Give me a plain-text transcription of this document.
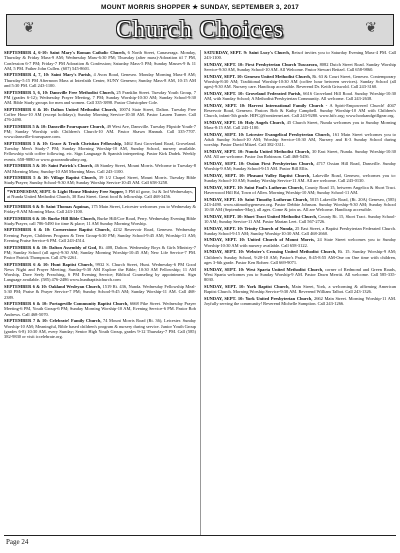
MOUNT MORRIS SHOPPER ★ SUNDAY, SEPTEMBER 3, 2017
❦	Church Choices	❦

SEPTEMBER 4, 6-10: Saint Mary's Roman Catholic Church, 6 North Street, Canaseraga. Monday, Thursday & Friday Mass-9 AM; Wednesday Mass-6:30 PM; Thursday (after mass)-Adoration til 7 PM, Confession 6-7 PM; Friday-7 PM Adoration & Confession; Saturday Mass-5 PM; Sunday Masses-9 & 11 AM, 5 PM. Father John Cullen. (607) 545-8601.

SEPTEMBER 4, 7, 10: Saint Mary's Parish, 4 Avon Road, Geneseo. Monday Morning Mass-8 AM; Thursday-5:15 PM Afternoon Mass at Interfaith Center, SUNY Geneseo; Sunday Mass-8 AM, 10:15 AM and 5:30 PM. Call 243-1100.

SEPTEMBER 5, 6, 10: Dansville Free Methodist Church, 25 Franklin Street. Tuesday Youth Group, 7 PM (grades 6-12); Wednesday Prayer Meeting, 7 PM; Sunday Worship-10:30 AM; Sunday School-9:30 AM. Bible Study groups for men and women. Call 335-3898. Pastor Christopher Cole.

SEPTEMBER 6 & 10: Dalton United Methodist Church, 10074 State Street, Dalton. Tuesday Free Coffee Hour-10 AM (except holidays); Sunday Morning Service-10:30 AM. Pastor Lauren Turner. Call 476-2490.

SEPTEMBER 5 & 10: Dansville Foursquare Church, 49 West Ave, Dansville. Tuesday Flipside Youth-7 PM; Sunday Worship with Children's Church-10 AM. Pastor Shawn Hannah. Call 335-7707. www.dansville-foursquare.com.

SEPTEMBER 5 & 10: Grace & Truth Christian Fellowship, 3462 East Groveland Road, Groveland. Tuesday Men's Study-7 PM; Sunday Morning Worship-10 AM, Sunday School, nursery available. Fellowship with coffee following, etc. Sign Language & Spanish interpreting. Pastor Kirk Dadek. Weekly events. 658-9880 or www.graceandtruthny.org.

SEPTEMBER 5 & 10: Saint Patrick's Church, 46 Stanley Street, Mount Morris. Welcome to Tuesday-8 AM Morning Mass; Sunday-10 AM Morning Mass. Call 243-1100.

SEPTEMBER 5 & 10: Village Baptist Church, 39 1/2 Chapel Street, Mount Morris. Tuesday Bible Study/Prayer; Sunday School-9:30 AM; Sunday Worship Service-10:45 AM. Call 658-3258.

*WEDNESDAY, SEPT. 6: Light House Ministry Free Supper, 5 PM til gone, 1st & 3rd Wednesdays, at Nunda United Methodist Church, 30 East Street. Great food & fellowship. Call 468-3456.

SEPTEMBER 6 & 8: Saint Thomas Aquinas, 175 Main Street, Leicester welcomes you to Wednesday & Friday-8 AM Morning Mass. Call 243-1100.

SEPTEMBER 6 & 10: Burke Hill Bible Church, Burke Hill/Coe Road, Perry. Wednesday Evening Bible Study/Prayer, call 786-5490 for time & place; 11 AM Sunday Morning Worship.

SEPTEMBER 6 & 10: Cornerstone Baptist Church, 4232 Reservoir Road, Geneseo. Wednesday Evening Prayer, Childrens Program & Teen Group-6:30 PM; Sunday School-9:45 AM; Worship-11 AM; Evening Praise Service-6 PM. Call 243-4514.

SEPTEMBER 6 & 10: Dalton Assembly of God, Rt. 408, Dalton. Wednesday Boys & Girls Ministry-7 PM; Sunday School (all ages)-9:30 AM; Sunday Morning Worship-10:45 AM; New Life Service-7 PM. Pastor Patrick Thompson. Call 476-2261.

SEPTEMBER 6 & 10: Hunt Baptist Church, 9932 S. Church Street, Hunt. Wednesday-6 PM Good News Night and Prayer Meeting; Sunday-9:30 AM Explore the Bible; 10:30 AM Fellowship; 11 AM Worship, Dave Seely Preaching, 6 PM Evening Service; Biblical Counseling by appointment. Sign Language available. (585) 476-2486 www.huntbaptistchurch.com

SEPTEMBER 6 & 10: Oakland Wesleyan Church, 1519 Rt. 436, Nunda. Wednesday Fellowship Meal-5:30 PM; Praise & Prayer Service-7 PM; Sunday School-9:45 AM; Sunday Worship-11 AM. Call 468-2389.

SEPTEMBER 6 & 10: Portageville Community Baptist Church, 6668 Pike Street. Wednesday Prayer Meeting-6 PM, Youth Group-6 PM; Sunday Morning Worship-10 AM, Evening Service-6 PM. Pastor Rob Andrews. Call 468-5070.

SEPTEMBER 7 & 10: Celebrate! Family Church, 74 Mount Morris Road (Rt. 36), Leicester. Sunday Worship-10 AM; Meaningful, Bible based children's program & nursery during service. Junior Youth Group (grades 6-8) 10:30 AM, every Sunday; Senior High Youth Group, grades 9-12 Thursday-7 PM. Call (585) 382-9830 or visit iccelebrate.org.

SATURDAY, SEPT. 9: Saint Lucy's Church, Retsof invites you to Saturday Evening Mass-4 PM. Call 243-1100.

SUNDAY, SEPT. 10: First Presbyterian Church Tuscarora, 8082 Dutch Street Road. Sunday Worship Service-9:30 AM, Sunday School-10 AM. All Welcome. Pastor Stewart Beitzel. Call 658-9860.

SUNDAY, SEPT. 10: Geneseo United Methodist Church, Rt. 63 & Court Street, Geneseo. Contemporary Worship-8:30 AM; Traditional Worship-10:30 AM (coffee hour between services). Sunday School (all ages)-9:30 AM. Nursery care. Handicap accessible. Reverend Dr. Keith Griswold. Call 243-3160.

SUNDAY, SEPT. 10: Groveland Federated Parish, 6616 Groveland Hill Road. Sunday Worship-10:30 AM, with Sunday School; A Methodist/Presbyterian Community. All welcome. Call 243-2638.

SUNDAY, SEPT. 10: Harvest International Family Church - A Spirit-Empowered Church! 4047 Reservoir Road, Geneseo. Pastors Bob & Kathy Campbell. Sunday Worship-10 AM with Children's Church, infant-5th grade. HIFC@frontiernet.net. Call 243-9280. www.hifc.org; www.hookandgrillgear.org.

SUNDAY, SEPT. 10: Holy Angels Church, 45 Church Street, Nunda welcomes you to Sunday Morning Mass-8:15 AM. Call 243-1100.

SUNDAY, SEPT. 10: Leicester Evangelical Presbyterian Church, 161 Main Street welcomes you to Adult Sunday School-10 AM; Worship Service-10:30 AM, Nursery and K-3 Sunday School during worship. Pastor David Mitzel. Call 382-3311.

SUNDAY, SEPT. 10: Nunda United Methodist Church, 30 East Street, Nunda. Sunday Worship-10:30 AM. All are welcome. Pastor Jan Robinson. Call 468-5456.

SUNDAY, SEPT. 10: Ossian First Presbyterian Church, 4717 Ossian Hill Road, Dansville. Sunday Worship-9 AM; Sunday School-9:15 AM. Pastor Bill Ellis.

SUNDAY, SEPT. 10: Pleasant Valley Baptist Church, Lakeville Road, Geneseo, welcomes you to: Sunday School-10 AM; Sunday Worship Service-11 AM. All are welcome. Call 243-0130.

SUNDAY, SEPT. 10: Saint Paul's Lutheran Church, County Road 15, between Angelica & Short Tract. Haverwood Hill Rd, Town of Allen. Morning Worship-10 AM; Sunday School-11 AM.

SUNDAY, SEPT. 10: Saint Timothy Lutheran Church, 5015 Lakeville Road, (Rt. 20A) Geneseo, (585) 243-4490. www.sttimothygeneseo.org. Pastor Debbie Johnson. Sunday Worship-9:30 AM; Sunday School 10:30 AM (September-May), all ages. Come & join us. All are Welcome. Handicap accessible.

SUNDAY, SEPT. 10: Short Tract United Methodist Church, County Rt. 15, Short Tract. Sunday School-10 AM; Sunday Service-11 AM. Pastor Marian Leet. Call 567-2726.

SUNDAY, SEPT. 10: Trinity Church of Nunda, 25 East Street, a Baptist Presbyterian Federated Church. Sunday School-9:15 AM; Sunday Worship-10:30 AM. Call 468-2660.

SUNDAY, SEPT. 10: United Church of Mount Morris, 24 State Street welcomes you to Sunday Worship-10:30 AM with nursery available. Call 658-3122.

SUNDAY, SEPT. 10: Webster's Crossing United Methodist Church, Rt. 15. Sunday Worship-9 AM; Children's Sunday School, 9:20-10 AM; Pastor's Praise, 8:45-8:55 AM-One on One time with children, ages 3-6th grade. Pastor Ken Rohrer. Call 669-9071.

SUNDAY, SEPT. 10: West Sparta United Methodist Church, corner of Redmond and Green Roads, West Sparta welcomes you to Sunday Worship-9 AM. Pastor Dawn Merritt. All welcome. Call 585-335-8030.

SUNDAY, SEPT. 10: York Baptist Church, Main Street, York, a welcoming & affirming American Baptist Church. Morning Worship Service-9:30 AM. Reverend William Talbot. Call 243-1326.

SUNDAY, SEPT. 10: York United Presbyterian Church, 2662 Main Street. Morning Worship-11 AM. Joyfully serving the community! Reverend Michelle Sumption. Call 243-1266.

Page 24
